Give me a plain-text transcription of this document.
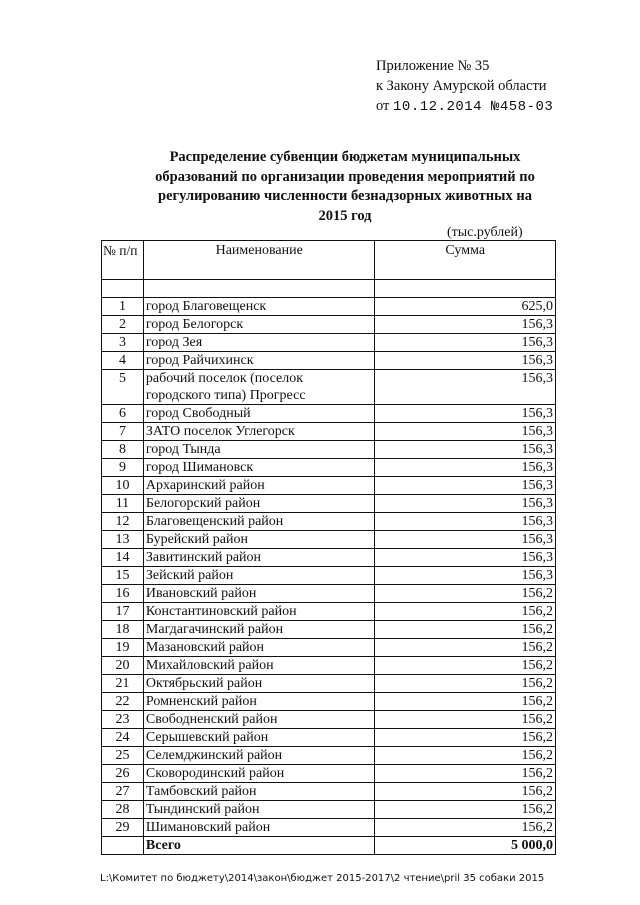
Приложение № 35
к Закону Амурской области
от 10.12.2014 №458-03
Распределение субвенции бюджетам муниципальных
образований по организации проведения мероприятий по
регулированию численности безнадзорных животных на
2015 год
(тыс.рублей)
№ п/п	Наименование	Сумма

1	город Благовещенск	625,0
2	город Белогорск	156,3
3	город Зея	156,3
4	город Райчихинск	156,3
5	рабочий поселок (поселок
городского типа) Прогресс	156,3
6	город Свободный	156,3
7	ЗАТО поселок Углегорск	156,3
8	город Тында	156,3
9	город Шимановск	156,3
10	Архаринский район	156,3
11	Белогорский район	156,3
12	Благовещенский район	156,3
13	Бурейский район	156,3
14	Завитинский район	156,3
15	Зейский район	156,3
16	Ивановский район	156,2
17	Константиновский район	156,2
18	Магдагачинский район	156,2
19	Мазановский район	156,2
20	Михайловский район	156,2
21	Октябрьский район	156,2
22	Ромненский район	156,2
23	Свободненский район	156,2
24	Серышевский район	156,2
25	Селемджинский район	156,2
26	Сковородинский район	156,2
27	Тамбовский район	156,2
28	Тындинский район	156,2
29	Шимановский район	156,2
	Всего	5 000,0
L:\Комитет по бюджету\2014\закон\бюджет 2015-2017\2 чтение\pril 35 собаки 2015
